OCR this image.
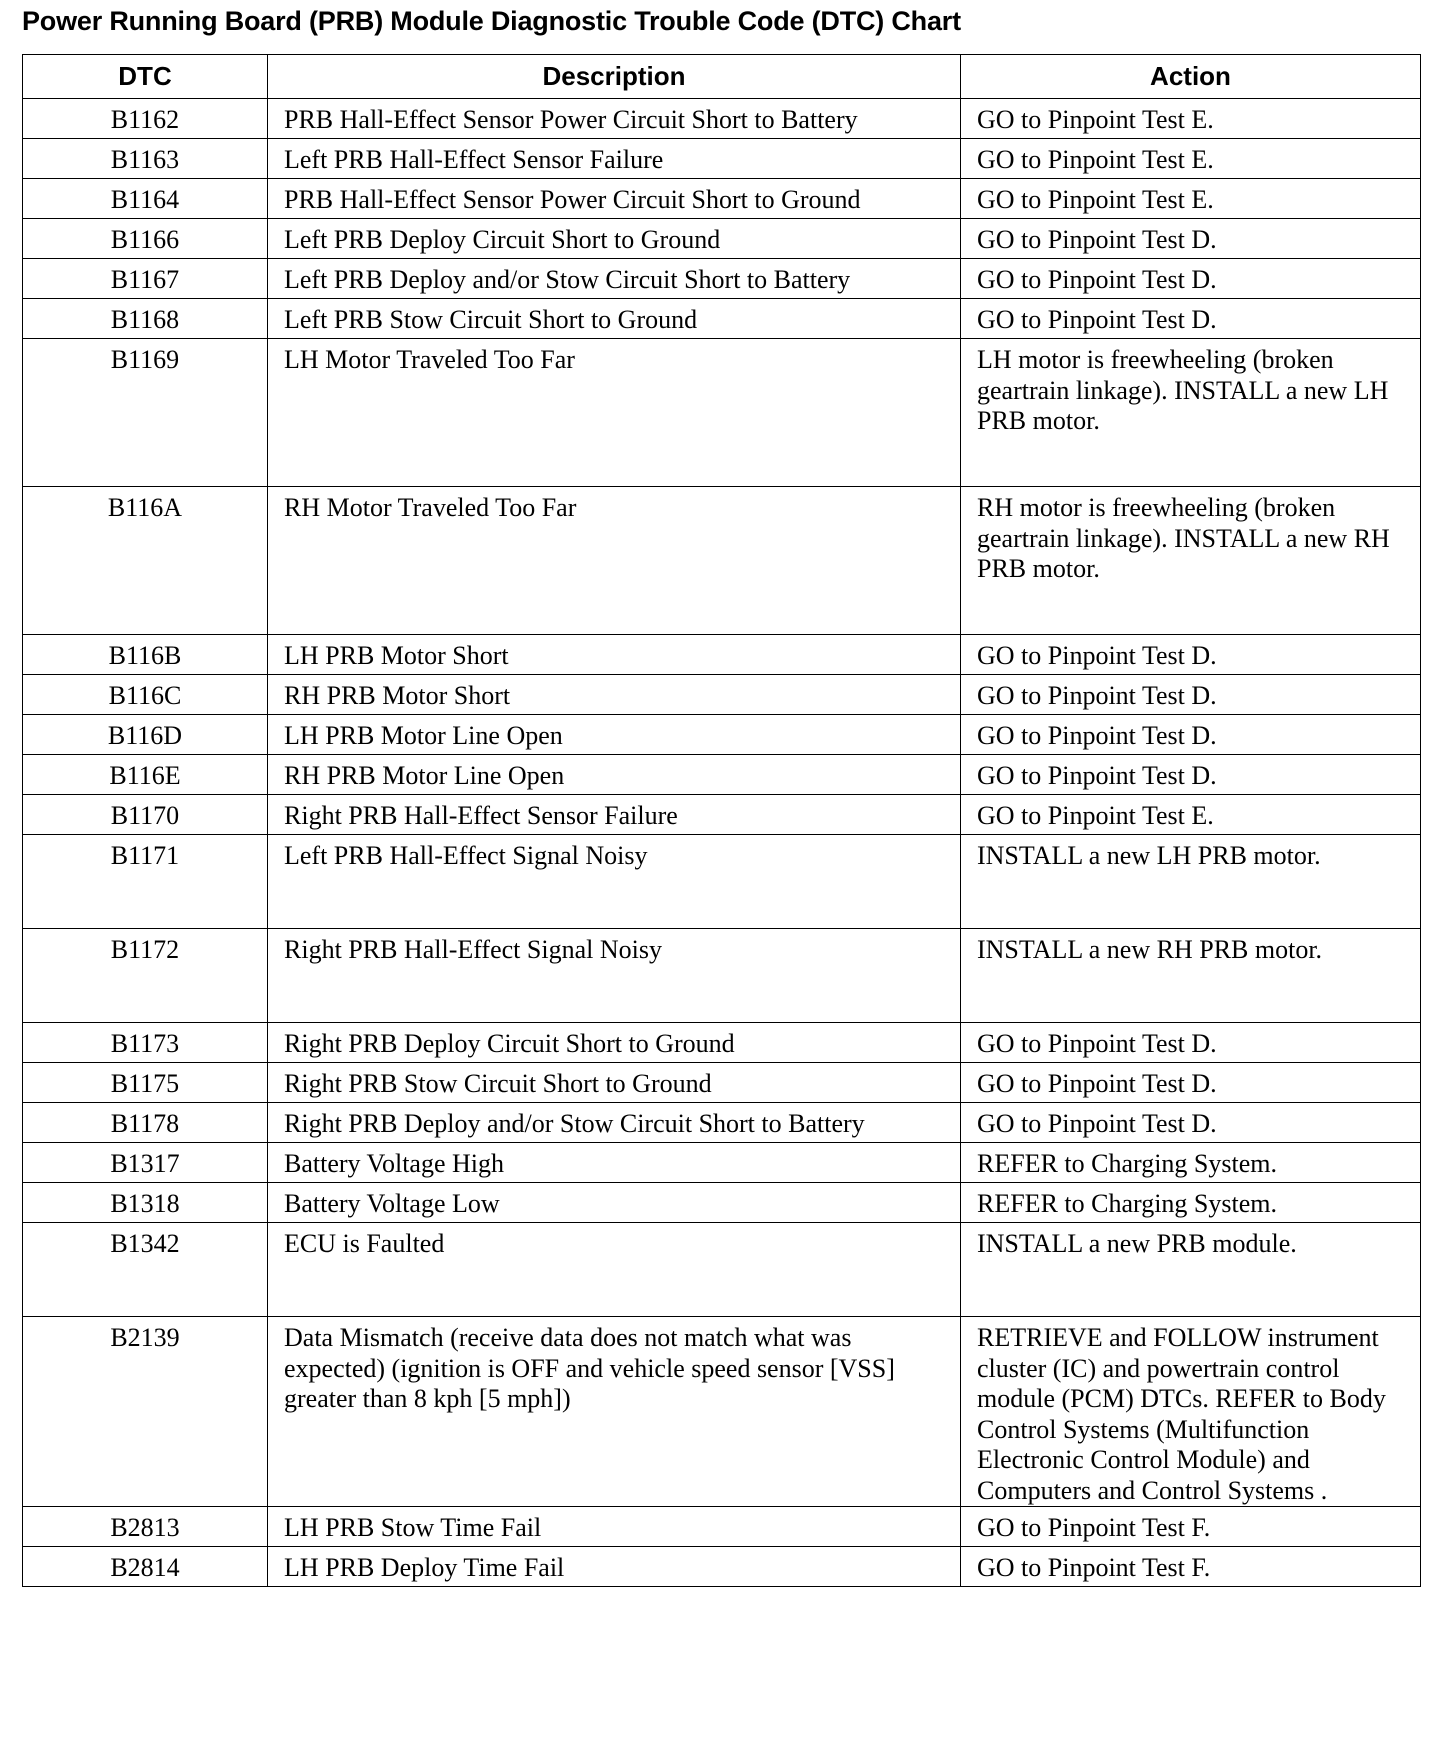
Power Running Board (PRB) Module Diagnostic Trouble Code (DTC) Chart
DTC	Description	Action
B1162	PRB Hall-Effect Sensor Power Circuit Short to Battery	GO to Pinpoint Test E.
B1163	Left PRB Hall-Effect Sensor Failure	GO to Pinpoint Test E.
B1164	PRB Hall-Effect Sensor Power Circuit Short to Ground	GO to Pinpoint Test E.
B1166	Left PRB Deploy Circuit Short to Ground	GO to Pinpoint Test D.
B1167	Left PRB Deploy and/or Stow Circuit Short to Battery	GO to Pinpoint Test D.
B1168	Left PRB Stow Circuit Short to Ground	GO to Pinpoint Test D.
B1169	LH Motor Traveled Too Far	LH motor is freewheeling (broken geartrain linkage). INSTALL a new LH PRB motor.
B116A	RH Motor Traveled Too Far	RH motor is freewheeling (broken geartrain linkage). INSTALL a new RH PRB motor.
B116B	LH PRB Motor Short	GO to Pinpoint Test D.
B116C	RH PRB Motor Short	GO to Pinpoint Test D.
B116D	LH PRB Motor Line Open	GO to Pinpoint Test D.
B116E	RH PRB Motor Line Open	GO to Pinpoint Test D.
B1170	Right PRB Hall-Effect Sensor Failure	GO to Pinpoint Test E.
B1171	Left PRB Hall-Effect Signal Noisy	INSTALL a new LH PRB motor.
B1172	Right PRB Hall-Effect Signal Noisy	INSTALL a new RH PRB motor.
B1173	Right PRB Deploy Circuit Short to Ground	GO to Pinpoint Test D.
B1175	Right PRB Stow Circuit Short to Ground	GO to Pinpoint Test D.
B1178	Right PRB Deploy and/or Stow Circuit Short to Battery	GO to Pinpoint Test D.
B1317	Battery Voltage High	REFER to Charging System.
B1318	Battery Voltage Low	REFER to Charging System.
B1342	ECU is Faulted	INSTALL a new PRB module.
B2139	Data Mismatch (receive data does not match what was expected) (ignition is OFF and vehicle speed sensor [VSS] greater than 8 kph [5 mph])	RETRIEVE and FOLLOW instrument cluster (IC) and powertrain control module (PCM) DTCs. REFER to Body Control Systems (Multifunction Electronic Control Module) and Computers and Control Systems .
B2813	LH PRB Stow Time Fail	GO to Pinpoint Test F.
B2814	LH PRB Deploy Time Fail	GO to Pinpoint Test F.
